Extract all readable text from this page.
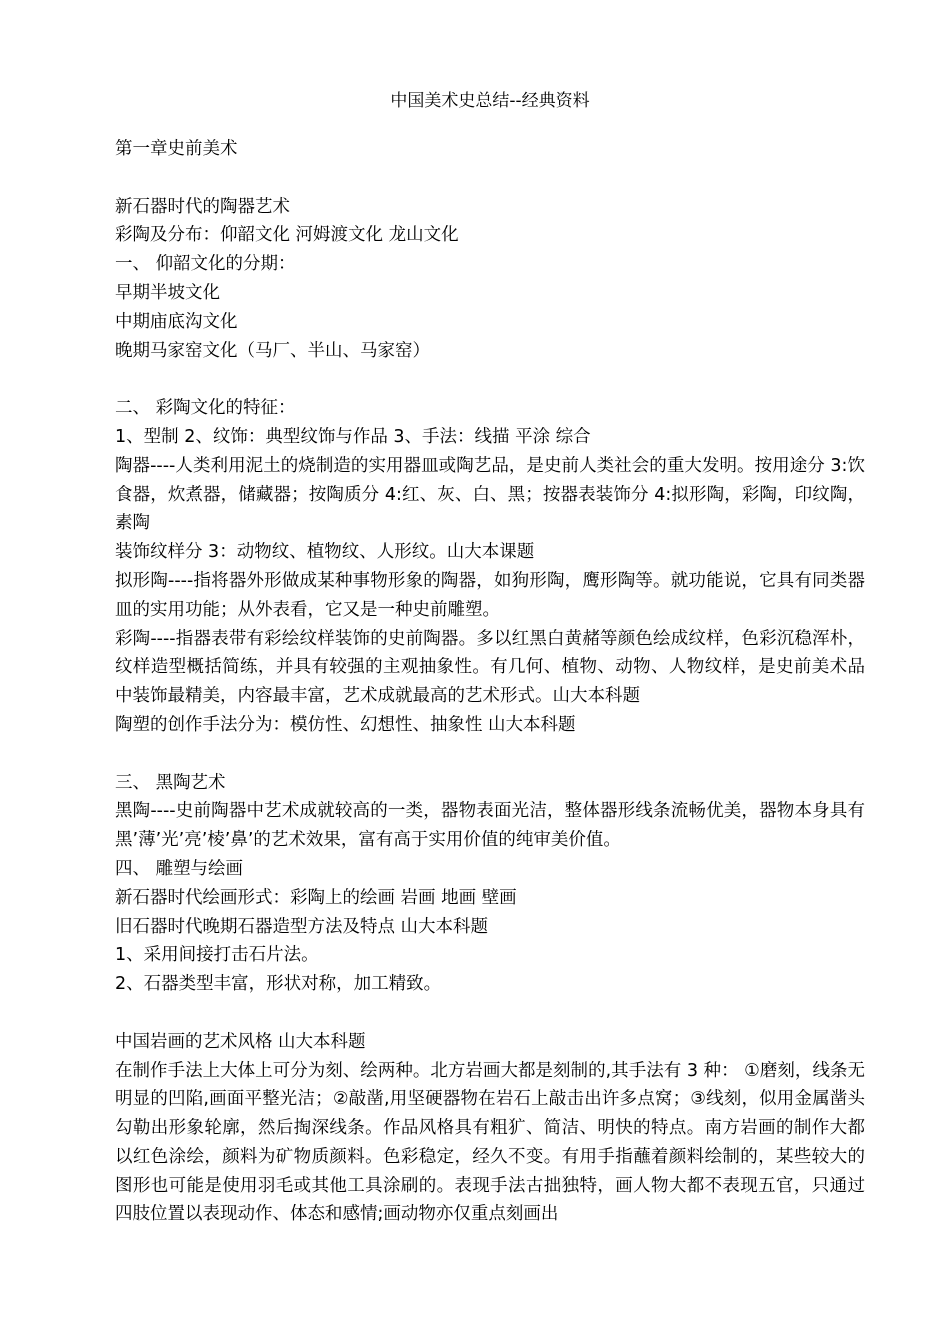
中国美术史总结--经典资料
第一章史前美术
新石器时代的陶器艺术
彩陶及分布：仰韶文化 河姆渡文化 龙山文化
一、 仰韶文化的分期：
早期半坡文化
中期庙底沟文化
晚期马家窑文化（马厂、半山、马家窑）
二、 彩陶文化的特征：
1、型制 2、纹饰：典型纹饰与作品 3、手法：线描 平涂 综合
陶器----人类利用泥土的烧制造的实用器皿或陶艺品，是史前人类社会的重大发明。按用途分 3:饮食器，炊煮器，储藏器；按陶质分 4:红、灰、白、黑；按器表装饰分 4:拟形陶，彩陶，印纹陶，素陶
装饰纹样分 3：动物纹、植物纹、人形纹。山大本课题
拟形陶----指将器外形做成某种事物形象的陶器，如狗形陶，鹰形陶等。就功能说，它具有同类器皿的实用功能；从外表看，它又是一种史前雕塑。
彩陶----指器表带有彩绘纹样装饰的史前陶器。多以红黑白黄赭等颜色绘成纹样，色彩沉稳浑朴，纹样造型概括简练，并具有较强的主观抽象性。有几何、植物、动物、人物纹样，是史前美术品中装饰最精美，内容最丰富，艺术成就最高的艺术形式。山大本科题
陶塑的创作手法分为：模仿性、幻想性、抽象性 山大本科题
三、 黑陶艺术
黑陶----史前陶器中艺术成就较高的一类，器物表面光洁，整体器形线条流畅优美，器物本身具有黑’薄’光’亮’棱’鼻’的艺术效果，富有高于实用价值的纯审美价值。
四、 雕塑与绘画
新石器时代绘画形式：彩陶上的绘画 岩画 地画 壁画
旧石器时代晚期石器造型方法及特点 山大本科题
1、采用间接打击石片法。
2、石器类型丰富，形状对称，加工精致。
中国岩画的艺术风格 山大本科题
在制作手法上大体上可分为刻、绘两种。北方岩画大都是刻制的,其手法有 3 种： ①磨刻，线条无明显的凹陷,画面平整光洁；②敲凿,用坚硬器物在岩石上敲击出许多点窝；③线刻，似用金属凿头勾勒出形象轮廓，然后掏深线条。作品风格具有粗犷、简洁、明快的特点。南方岩画的制作大都以红色涂绘，颜料为矿物质颜料。色彩稳定，经久不变。有用手指蘸着颜料绘制的，某些较大的图形也可能是使用羽毛或其他工具涂刷的。表现手法古拙独特，画人物大都不表现五官，只通过四肢位置以表现动作、体态和感情;画动物亦仅重点刻画出
